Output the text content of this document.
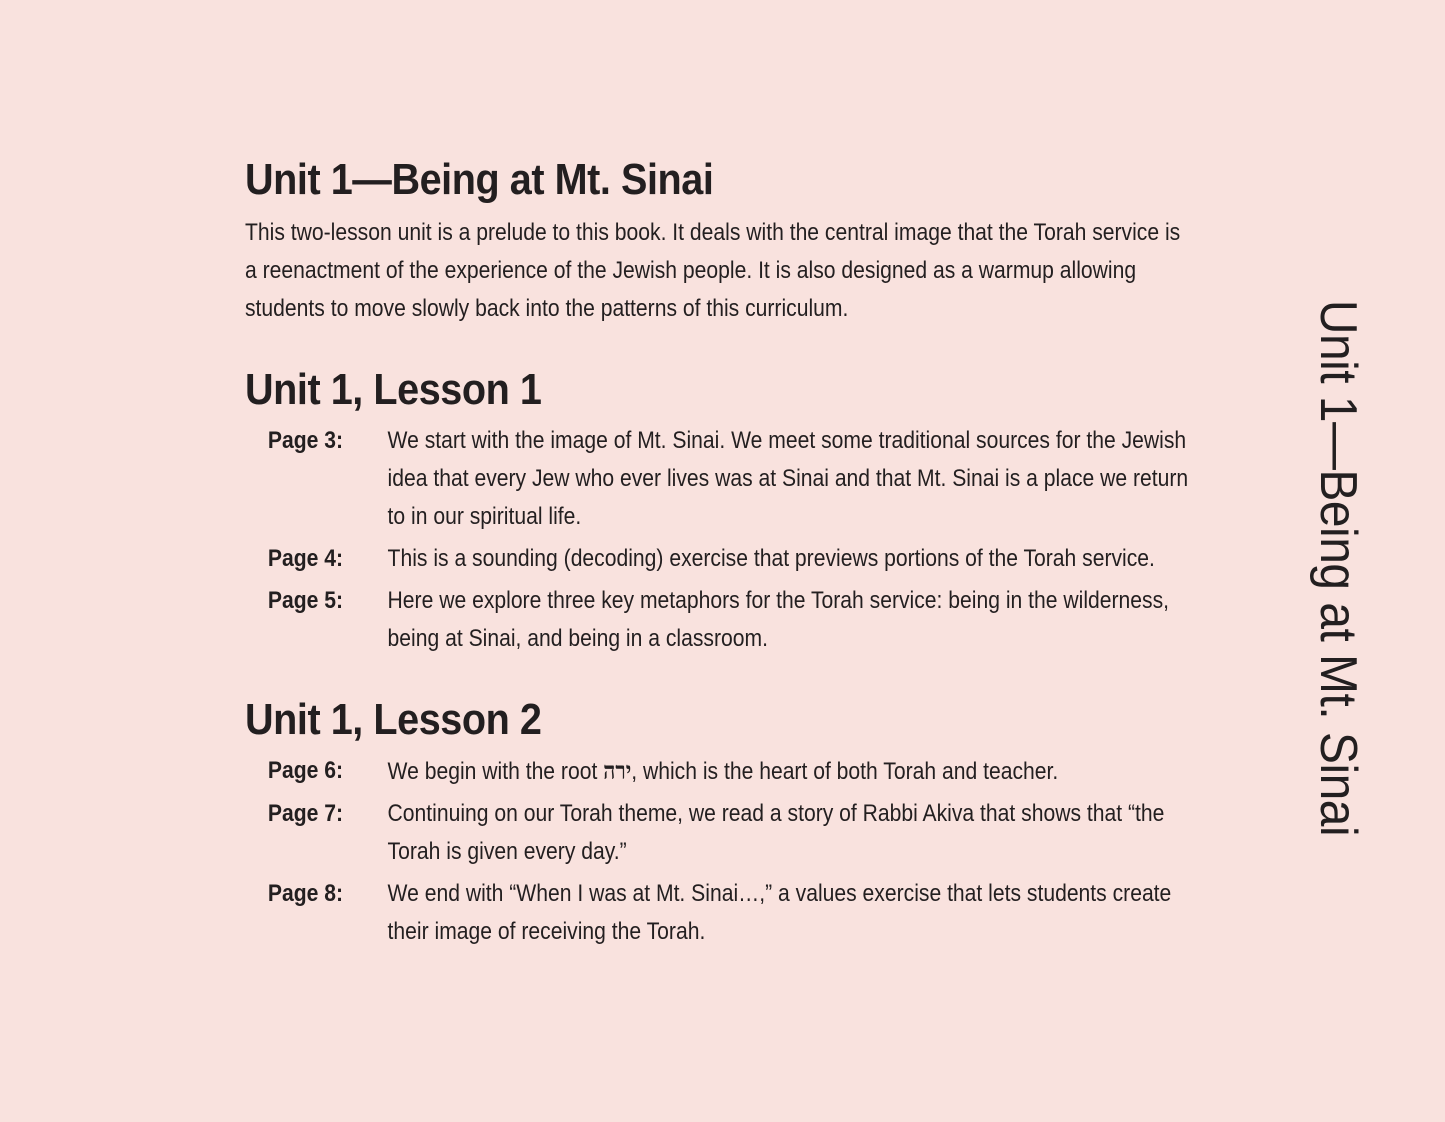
Unit 1—Being at Mt. Sinai

This two-lesson unit is a prelude to this book. It deals with the central image that the Torah service is a reenactment of the experience of the Jewish people. It is also designed as a warmup allowing students to move slowly back into the patterns of this curriculum.

Unit 1, Lesson 1
Page 3:	We start with the image of Mt. Sinai. We meet some traditional sources for the Jewish idea that every Jew who ever lives was at Sinai and that Mt. Sinai is a place we return to in our spiritual life.
Page 4:	This is a sounding (decoding) exercise that previews portions of the Torah service.
Page 5:	Here we explore three key metaphors for the Torah service: being in the wilderness, being at Sinai, and being in a classroom.
Unit 1, Lesson 2
Page 6:	We begin with the root ירה, which is the heart of both Torah and teacher.
Page 7:	Continuing on our Torah theme, we read a story of Rabbi Akiva that shows that “the Torah is given every day.”
Page 8:	We end with “When I was at Mt. Sinai…,” a values exercise that lets students create their image of receiving the Torah.
Unit 1—Being at Mt. Sinai
